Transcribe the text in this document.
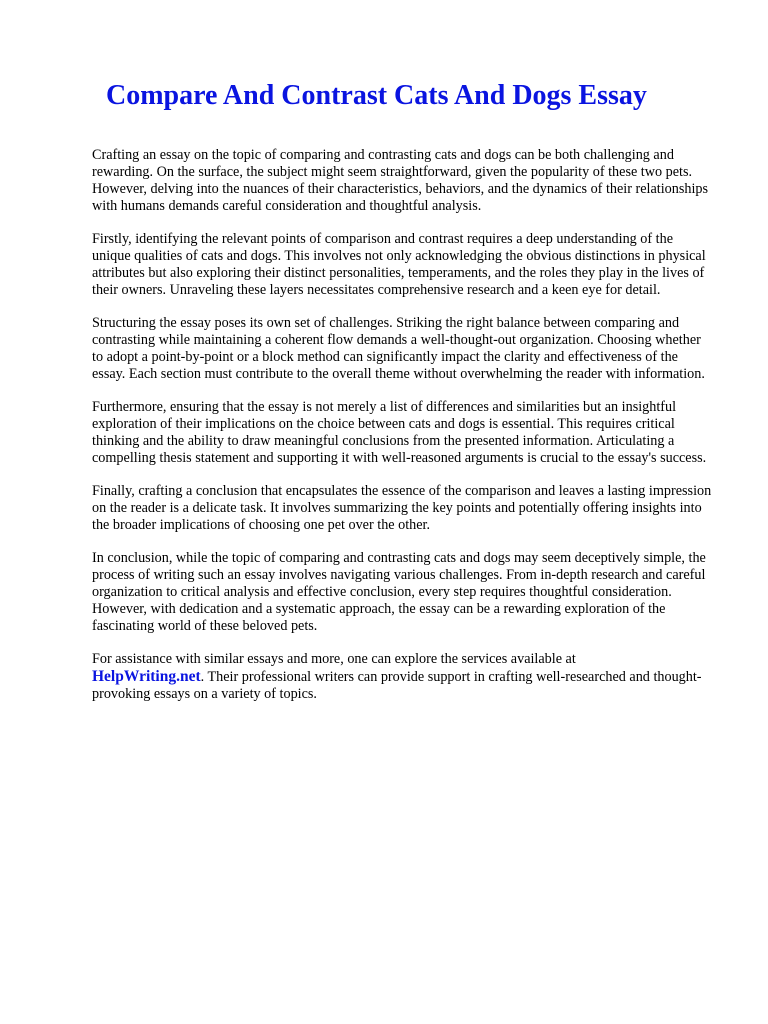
Compare And Contrast Cats And Dogs Essay

Crafting an essay on the topic of comparing and contrasting cats and dogs can be both challenging and rewarding. On the surface, the subject might seem straightforward, given the popularity of these two pets. However, delving into the nuances of their characteristics, behaviors, and the dynamics of their relationships with humans demands careful consideration and thoughtful analysis.

Firstly, identifying the relevant points of comparison and contrast requires a deep understanding of the unique qualities of cats and dogs. This involves not only acknowledging the obvious distinctions in physical attributes but also exploring their distinct personalities, temperaments, and the roles they play in the lives of their owners. Unraveling these layers necessitates comprehensive research and a keen eye for detail.

Structuring the essay poses its own set of challenges. Striking the right balance between comparing and contrasting while maintaining a coherent flow demands a well-thought-out organization. Choosing whether to adopt a point-by-point or a block method can significantly impact the clarity and effectiveness of the essay. Each section must contribute to the overall theme without overwhelming the reader with information.

Furthermore, ensuring that the essay is not merely a list of differences and similarities but an insightful exploration of their implications on the choice between cats and dogs is essential. This requires critical thinking and the ability to draw meaningful conclusions from the presented information. Articulating a compelling thesis statement and supporting it with well-reasoned arguments is crucial to the essay's success.

Finally, crafting a conclusion that encapsulates the essence of the comparison and leaves a lasting impression on the reader is a delicate task. It involves summarizing the key points and potentially offering insights into the broader implications of choosing one pet over the other.

In conclusion, while the topic of comparing and contrasting cats and dogs may seem deceptively simple, the process of writing such an essay involves navigating various challenges. From in-depth research and careful organization to critical analysis and effective conclusion, every step requires thoughtful consideration. However, with dedication and a systematic approach, the essay can be a rewarding exploration of the fascinating world of these beloved pets.

For assistance with similar essays and more, one can explore the services available at
HelpWriting.net. Their professional writers can provide support in crafting well-researched and thought-provoking essays on a variety of topics.
